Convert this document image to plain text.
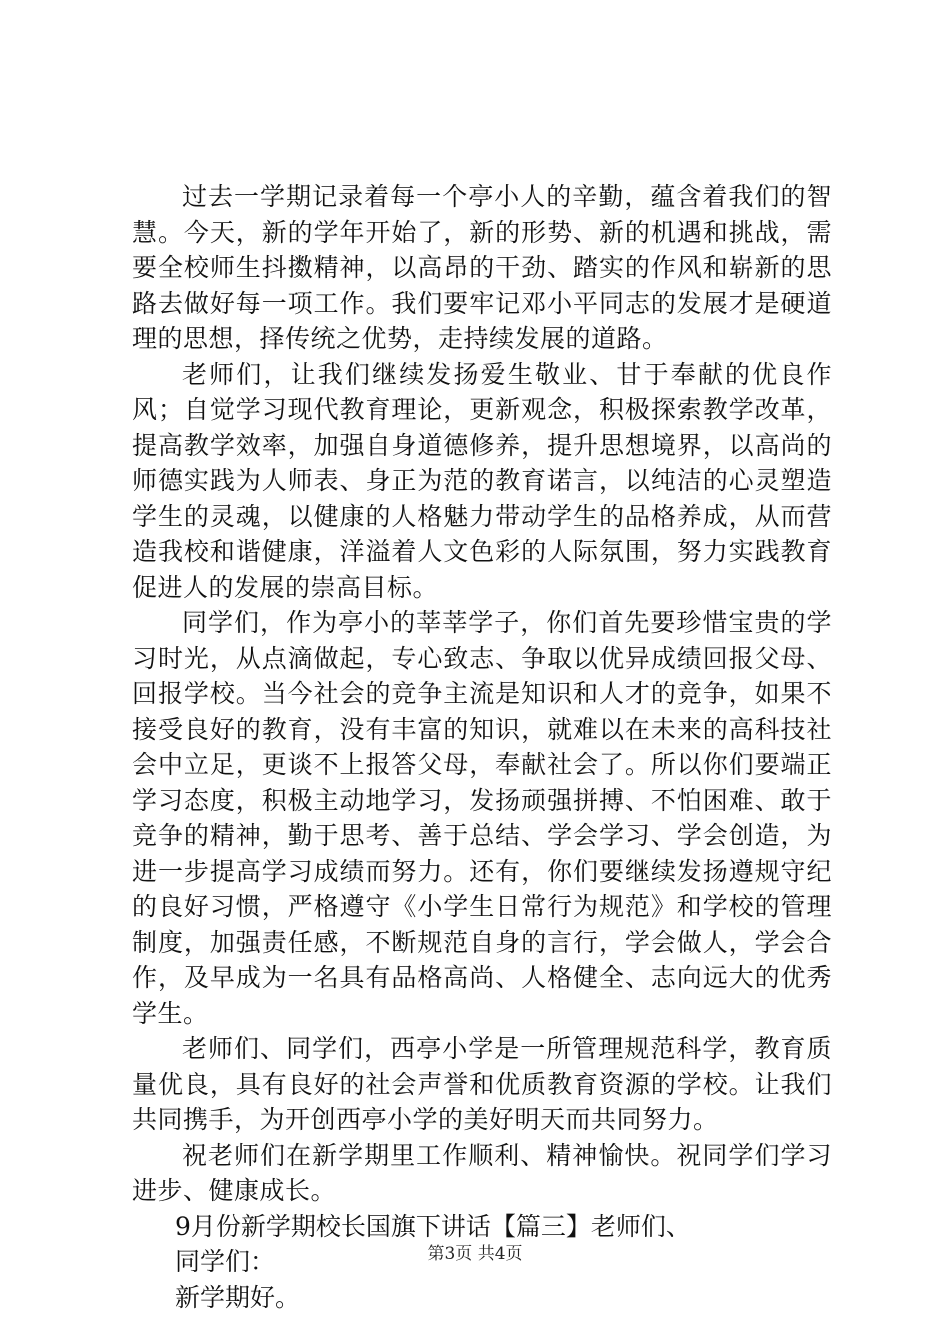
过去一学期记录着每一个亭小人的辛勤，蕴含着我们的智慧。今天，新的学年开始了，新的形势、新的机遇和挑战，需要全校师生抖擞精神，以高昂的干劲、踏实的作风和崭新的思路去做好每一项工作。我们要牢记邓小平同志的发展才是硬道理的思想，择传统之优势，走持续发展的道路。

老师们，让我们继续发扬爱生敬业、甘于奉献的优良作风；自觉学习现代教育理论，更新观念，积极探索教学改革，提高教学效率，加强自身道德修养，提升思想境界，以高尚的师德实践为人师表、身正为范的教育诺言，以纯洁的心灵塑造学生的灵魂，以健康的人格魅力带动学生的品格养成，从而营造我校和谐健康，洋溢着人文色彩的人际氛围，努力实践教育促进人的发展的崇高目标。

同学们，作为亭小的莘莘学子，你们首先要珍惜宝贵的学习时光，从点滴做起，专心致志、争取以优异成绩回报父母、回报学校。当今社会的竞争主流是知识和人才的竞争，如果不接受良好的教育，没有丰富的知识，就难以在未来的高科技社会中立足，更谈不上报答父母，奉献社会了。所以你们要端正学习态度，积极主动地学习，发扬顽强拼搏、不怕困难、敢于竞争的精神，勤于思考、善于总结、学会学习、学会创造，为进一步提高学习成绩而努力。还有，你们要继续发扬遵规守纪的良好习惯，严格遵守《小学生日常行为规范》和学校的管理制度，加强责任感，不断规范自身的言行，学会做人，学会合作，及早成为一名具有品格高尚、人格健全、志向远大的优秀学生。

老师们、同学们，西亭小学是一所管理规范科学，教育质量优良，具有良好的社会声誉和优质教育资源的学校。让我们共同携手，为开创西亭小学的美好明天而共同努力。

祝老师们在新学期里工作顺利、精神愉快。祝同学们学习进步、健康成长。

9月份新学期校长国旗下讲话【篇三】老师们、

同学们：

新学期好。

第3页 共4页
